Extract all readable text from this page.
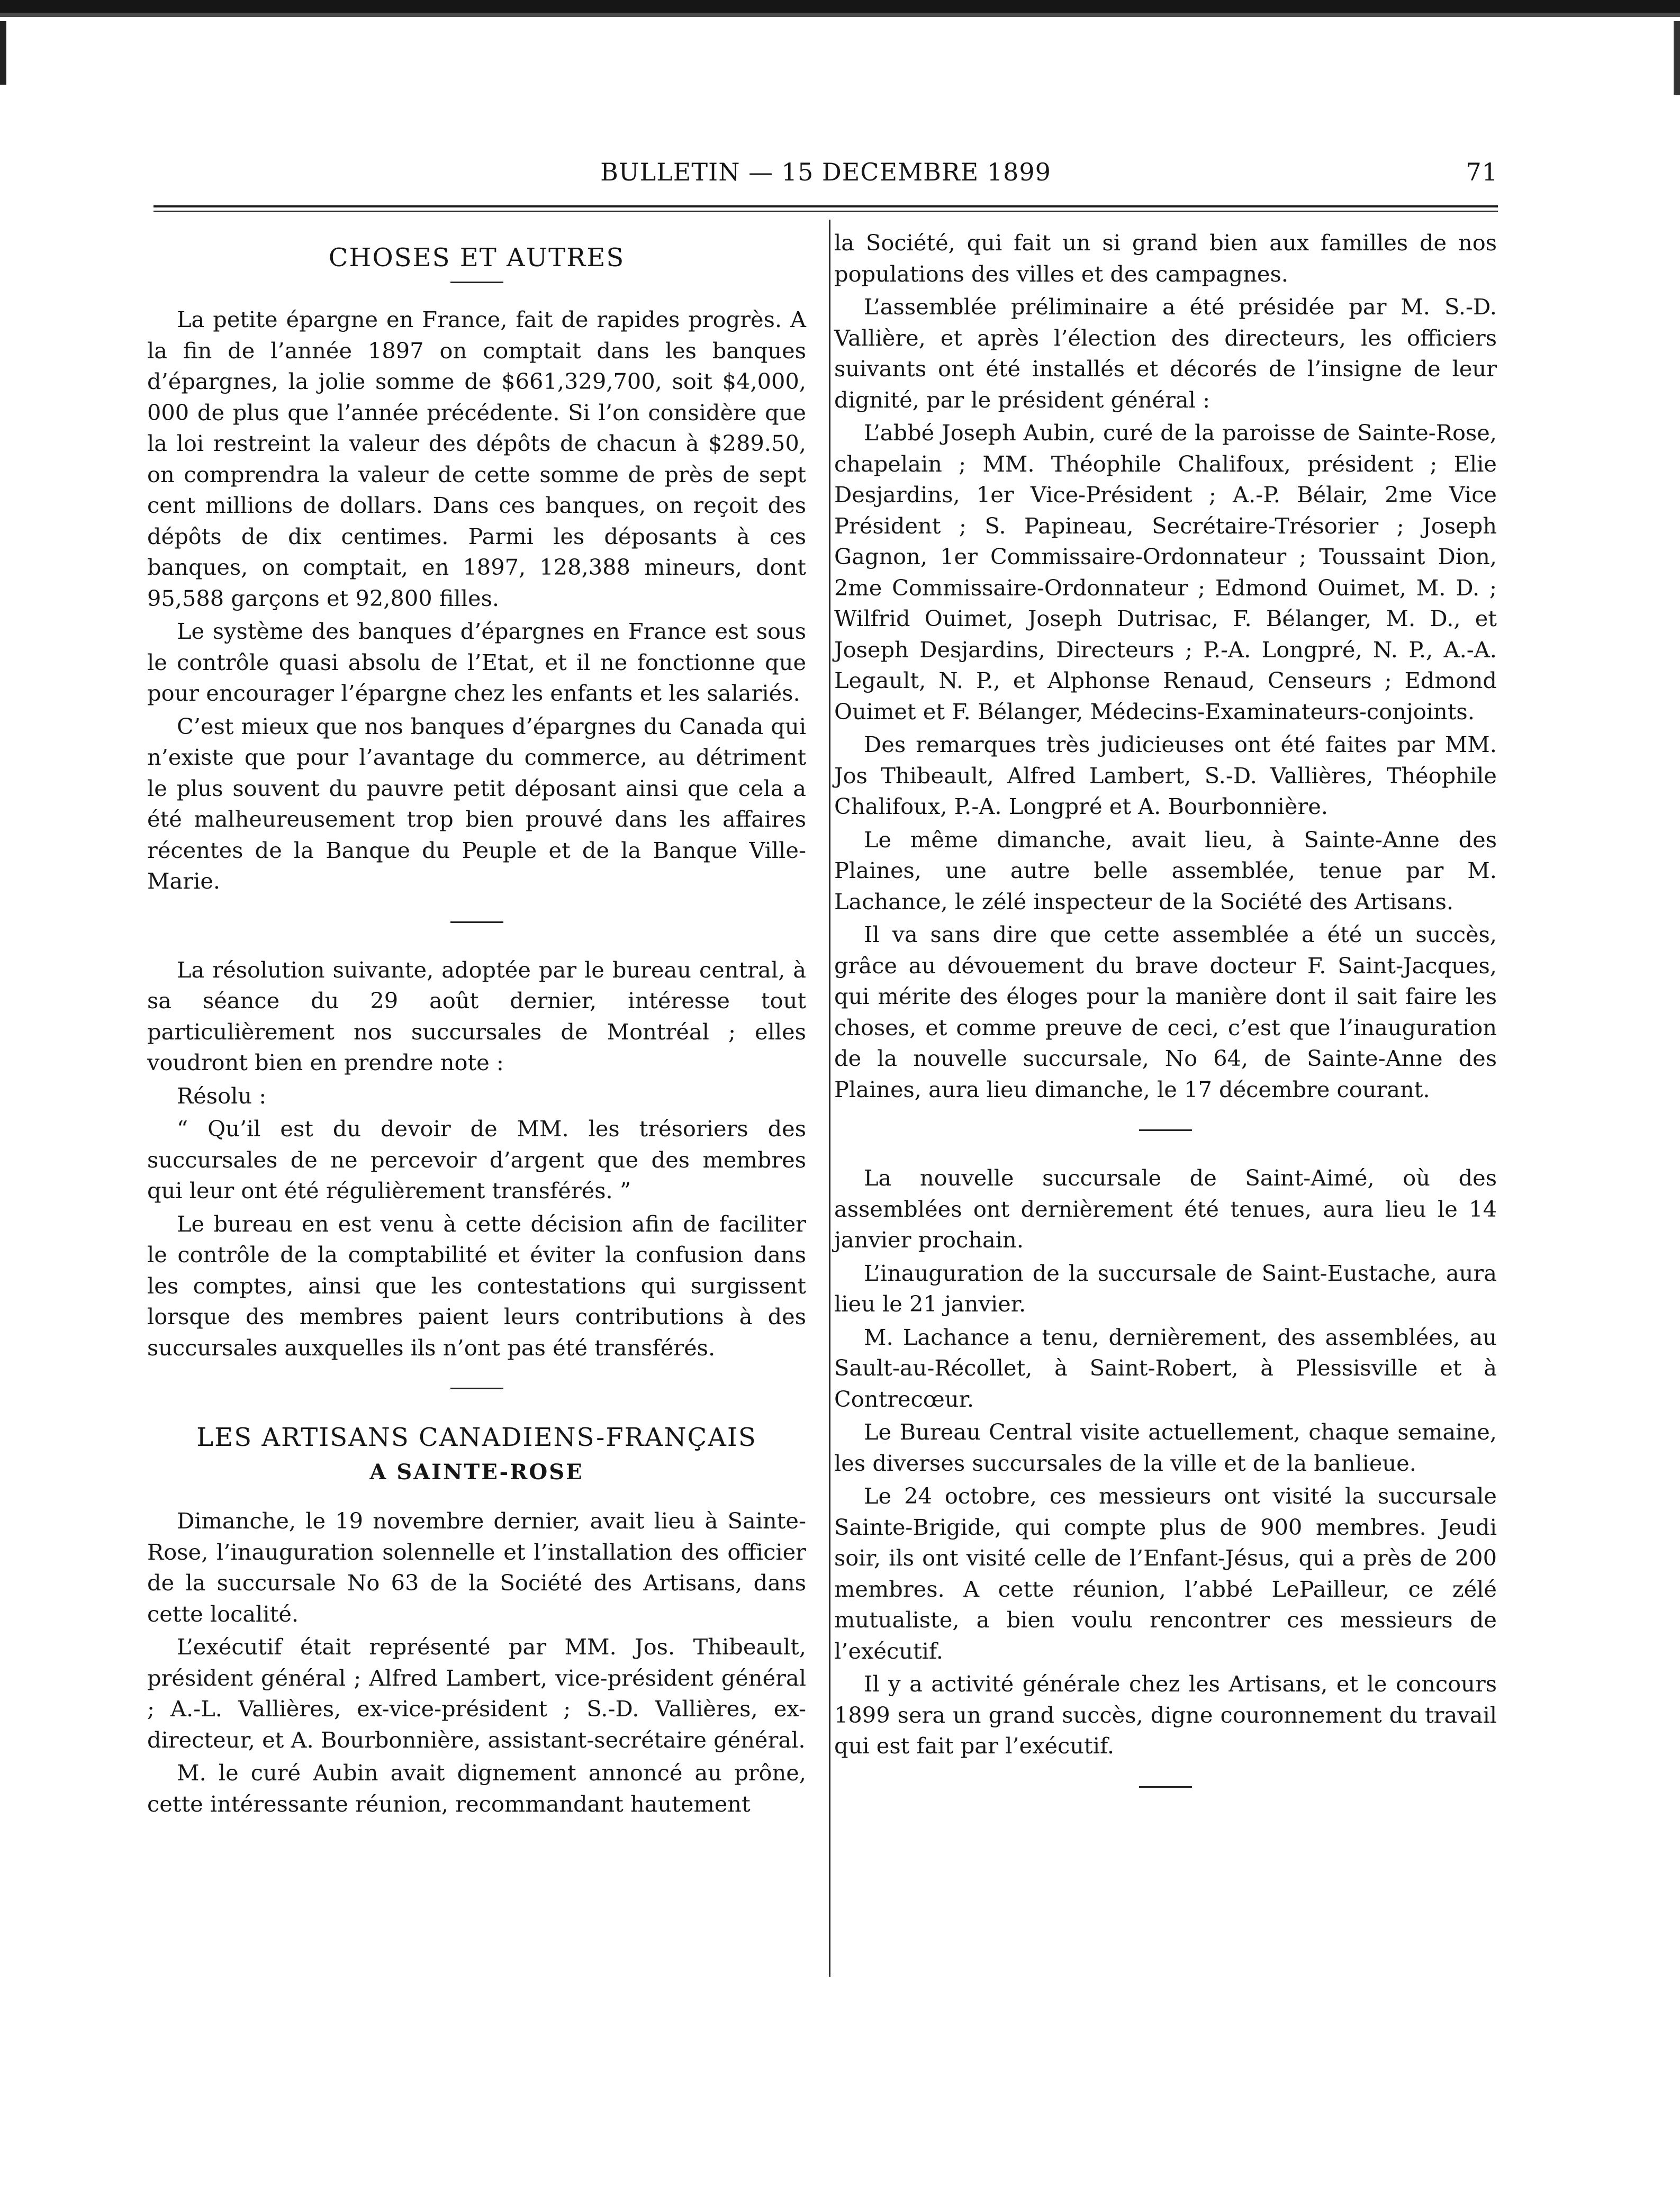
BULLETIN — 15 DECEMBRE 1899	71
CHOSES ET AUTRES

La petite épargne en France, fait de rapides progrès. A la fin de l’année 1897 on comptait dans les banques d’épargnes, la jolie somme de $661,329,700, soit $4,000, 000 de plus que l’année précédente. Si l’on considère que la loi restreint la valeur des dépôts de chacun à $289.50, on comprendra la valeur de cette somme de près de sept cent millions de dollars. Dans ces banques, on reçoit des dépôts de dix centimes. Parmi les déposants à ces banques, on comptait, en 1897, 128,388 mineurs, dont 95,588 garçons et 92,800 filles.

Le système des banques d’épargnes en France est sous le contrôle quasi absolu de l’Etat, et il ne fonctionne que pour encourager l’épargne chez les enfants et les salariés.

C’est mieux que nos banques d’épargnes du Canada qui n’existe que pour l’avantage du commerce, au détriment le plus souvent du pauvre petit déposant ainsi que cela a été malheureusement trop bien prouvé dans les affaires récentes de la Banque du Peuple et de la Banque Ville-Marie.

La résolution suivante, adoptée par le bureau central, à sa séance du 29 août dernier, intéresse tout particulièrement nos succursales de Montréal ; elles voudront bien en prendre note :

Résolu :

“ Qu’il est du devoir de MM. les trésoriers des succursales de ne percevoir d’argent que des membres qui leur ont été régulièrement transférés. ”

Le bureau en est venu à cette décision afin de faciliter le contrôle de la comptabilité et éviter la confusion dans les comptes, ainsi que les contestations qui surgissent lorsque des membres paient leurs contributions à des succursales auxquelles ils n’ont pas été transférés.

LES ARTISANS CANADIENS-FRANÇAIS
A SAINTE-ROSE

Dimanche, le 19 novembre dernier, avait lieu à Sainte-Rose, l’inauguration solennelle et l’installation des officier de la succursale No 63 de la Société des Artisans, dans cette localité.

L’exécutif était représenté par MM. Jos. Thibeault, président général ; Alfred Lambert, vice-président général ; A.-L. Vallières, ex-vice-président ; S.-D. Vallières, ex-directeur, et A. Bourbonnière, assistant-secrétaire général.

M. le curé Aubin avait dignement annoncé au prône, cette intéressante réunion, recommandant hautement

la Société, qui fait un si grand bien aux familles de nos populations des villes et des campagnes.

L’assemblée préliminaire a été présidée par M. S.-D. Vallière, et après l’élection des directeurs, les officiers suivants ont été installés et décorés de l’insigne de leur dignité, par le président général :

L’abbé Joseph Aubin, curé de la paroisse de Sainte-Rose, chapelain ; MM. Théophile Chalifoux, président ; Elie Desjardins, 1er Vice-Président ; A.-P. Bélair, 2me Vice Président ; S. Papineau, Secrétaire-Trésorier ; Joseph Gagnon, 1er Commissaire-Ordonnateur ; Toussaint Dion, 2me Commissaire-Ordonnateur ; Edmond Ouimet, M. D. ; Wilfrid Ouimet, Joseph Dutrisac, F. Bélanger, M. D., et Joseph Desjardins, Directeurs ; P.-A. Longpré, N. P., A.-A. Legault, N. P., et Alphonse Renaud, Censeurs ; Edmond Ouimet et F. Bélanger, Médecins-Examinateurs-conjoints.

Des remarques très judicieuses ont été faites par MM. Jos Thibeault, Alfred Lambert, S.-D. Vallières, Théophile Chalifoux, P.-A. Longpré et A. Bourbonnière.

Le même dimanche, avait lieu, à Sainte-Anne des Plaines, une autre belle assemblée, tenue par M. Lachance, le zélé inspecteur de la Société des Artisans.

Il va sans dire que cette assemblée a été un succès, grâce au dévouement du brave docteur F. Saint-Jacques, qui mérite des éloges pour la manière dont il sait faire les choses, et comme preuve de ceci, c’est que l’inauguration de la nouvelle succursale, No 64, de Sainte-Anne des Plaines, aura lieu dimanche, le 17 décembre courant.

La nouvelle succursale de Saint-Aimé, où des assemblées ont dernièrement été tenues, aura lieu le 14 janvier prochain.

L’inauguration de la succursale de Saint-Eustache, aura lieu le 21 janvier.

M. Lachance a tenu, dernièrement, des assemblées, au Sault-au-Récollet, à Saint-Robert, à Plessisville et à Contrecœur.

Le Bureau Central visite actuellement, chaque semaine, les diverses succursales de la ville et de la banlieue.

Le 24 octobre, ces messieurs ont visité la succursale Sainte-Brigide, qui compte plus de 900 membres. Jeudi soir, ils ont visité celle de l’Enfant-Jésus, qui a près de 200 membres. A cette réunion, l’abbé LePailleur, ce zélé mutualiste, a bien voulu rencontrer ces messieurs de l’exécutif.

Il y a activité générale chez les Artisans, et le concours 1899 sera un grand succès, digne couronnement du travail qui est fait par l’exécutif.
